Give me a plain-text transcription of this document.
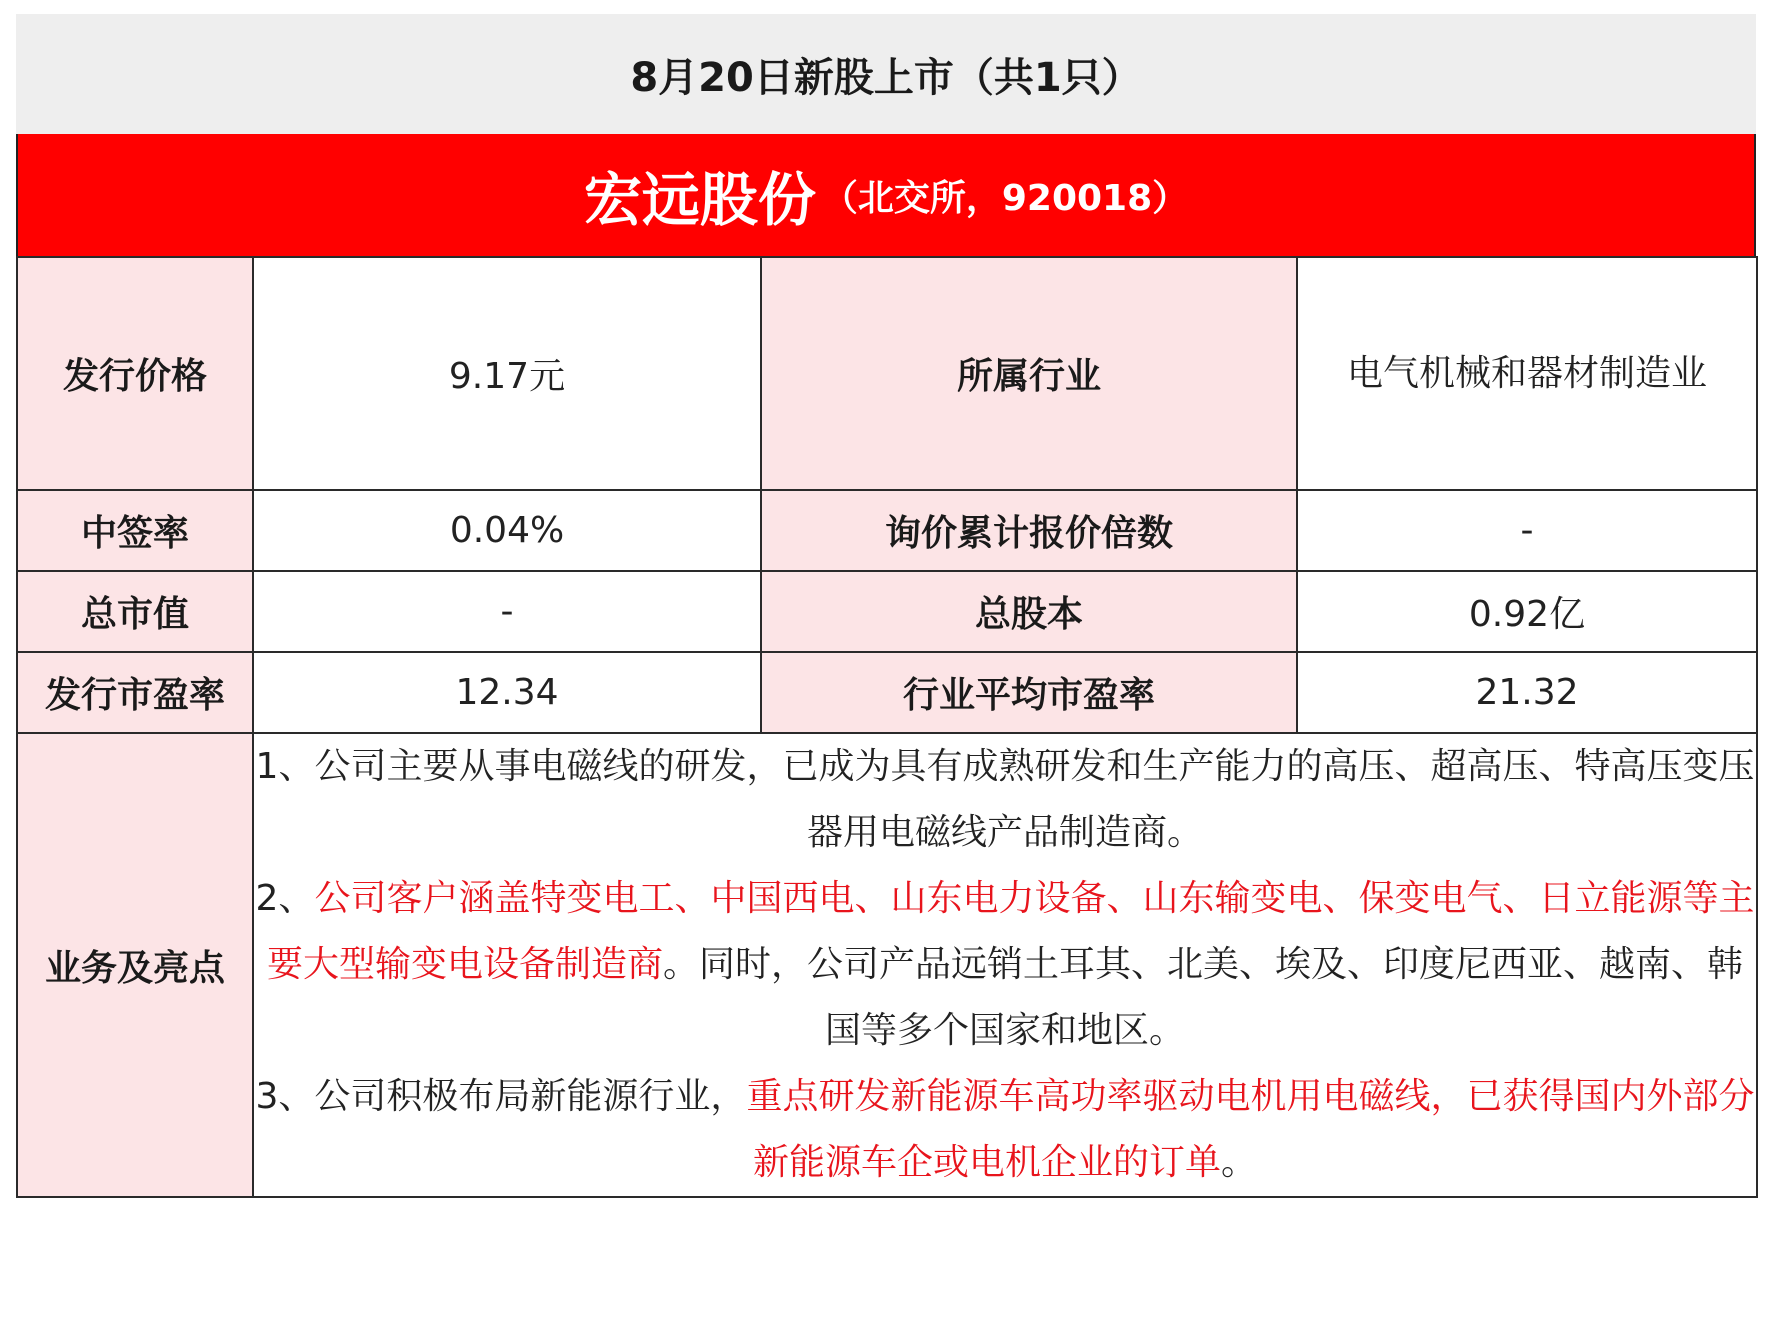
8月20日新股上市（共1只）
宏远股份 （北交所，920018）
发行价格	9.17元	所属行业	电气机械和器材制造业
中签率	0.04%	询价累计报价倍数	-
总市值	-	总股本	0.92亿
发行市盈率	12.34	行业平均市盈率	21.32
业务及亮点	1、公司主要从事电磁线的研发，已成为具有成熟研发和生产能力的高压、超高压、特高压变压器用电磁线产品制造商。

2、公司客户涵盖特变电工、中国西电、山东电力设备、山东输变电、保变电气、日立能源等主要大型输变电设备制造商。同时，公司产品远销土耳其、北美、埃及、印度尼西亚、越南、韩国等多个国家和地区。

3、公司积极布局新能源行业，重点研发新能源车高功率驱动电机用电磁线，已获得国内外部分新能源车企或电机企业的订单。		
